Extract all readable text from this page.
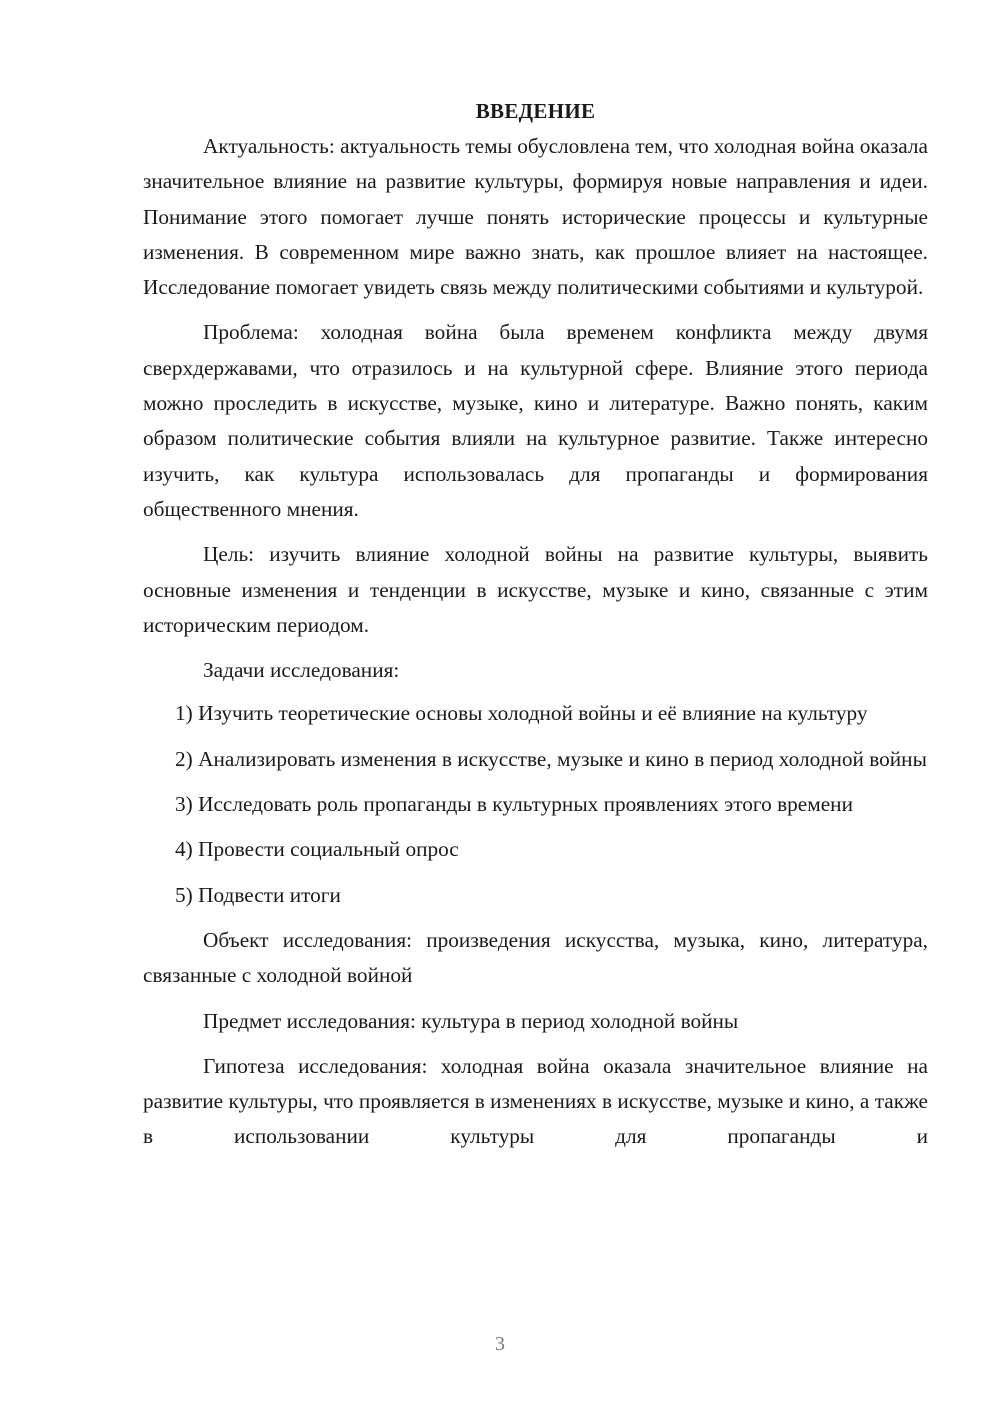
ВВЕДЕНИЕ

Актуальность: актуальность темы обусловлена тем, что холодная война оказала значительное влияние на развитие культуры, формируя новые направления и идеи. Понимание этого помогает лучше понять исторические процессы и культурные изменения. В современном мире важно знать, как прошлое влияет на настоящее. Исследование помогает увидеть связь между политическими событиями и культурой.

Проблема: холодная война была временем конфликта между двумя сверхдержавами, что отразилось и на культурной сфере. Влияние этого периода можно проследить в искусстве, музыке, кино и литературе. Важно понять, каким образом политические события влияли на культурное развитие. Также интересно изучить, как культура использовалась для пропаганды и формирования общественного мнения.

Цель: изучить влияние холодной войны на развитие культуры, выявить основные изменения и тенденции в искусстве, музыке и кино, связанные с этим историческим периодом.

Задачи исследования:

1) Изучить теоретические основы холодной войны и её влияние на культуру

2) Анализировать изменения в искусстве, музыке и кино в период холодной войны

3) Исследовать роль пропаганды в культурных проявлениях этого времени

4) Провести социальный опрос

5) Подвести итоги

Объект исследования: произведения искусства, музыка, кино, литература, связанные с холодной войной

Предмет исследования: культура в период холодной войны

Гипотеза исследования: холодная война оказала значительное влияние на развитие культуры, что проявляется в изменениях в искусстве, музыке и кино, а также в использовании культуры для пропаганды и

3
